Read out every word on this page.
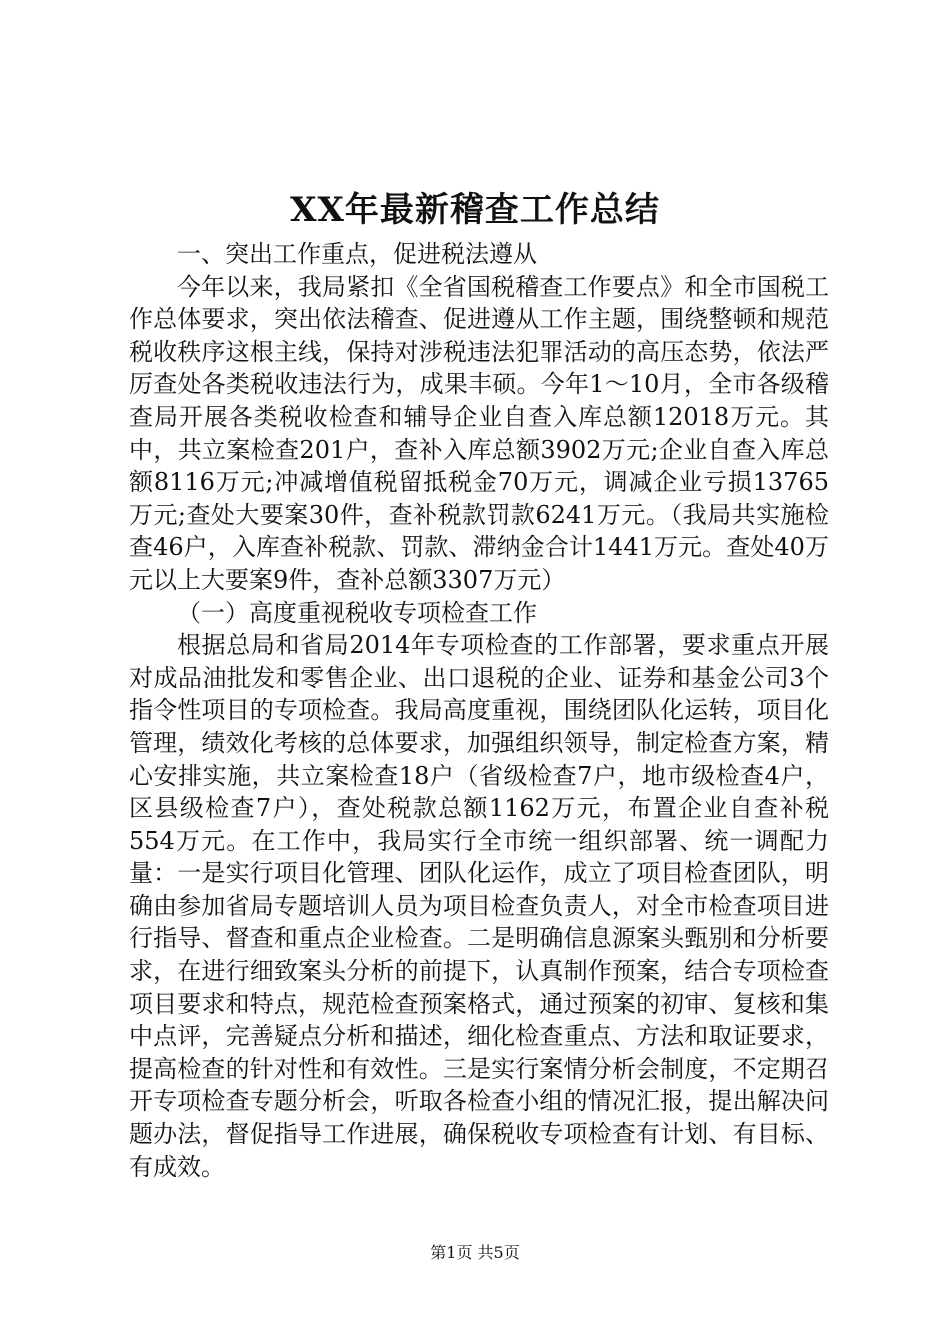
XX年最新稽查工作总结

一、突出工作重点，促进税法遵从

今年以来，我局紧扣《全省国税稽查工作要点》和全市国税工作总体要求，突出依法稽查、促进遵从工作主题，围绕整顿和规范税收秩序这根主线，保持对涉税违法犯罪活动的高压态势，依法严厉查处各类税收违法行为，成果丰硕。今年1～10月，全市各级稽查局开展各类税收检查和辅导企业自查入库总额12018万元。其中，共立案检查201户，查补入库总额3902万元;企业自查入库总额8116万元;冲减增值税留抵税金70万元，调减企业亏损13765万元;查处大要案30件，查补税款罚款6241万元。（我局共实施检查46户，入库查补税款、罚款、滞纳金合计1441万元。查处40万元以上大要案9件，查补总额3307万元）

（一）高度重视税收专项检查工作

根据总局和省局2014年专项检查的工作部署，要求重点开展对成品油批发和零售企业、出口退税的企业、证券和基金公司3个指令性项目的专项检查。我局高度重视，围绕团队化运转，项目化管理，绩效化考核的总体要求，加强组织领导，制定检查方案，精心安排实施，共立案检查18户（省级检查7户，地市级检查4户，区县级检查7户），查处税款总额1162万元，布置企业自查补税554万元。在工作中，我局实行全市统一组织部署、统一调配力量：一是实行项目化管理、团队化运作，成立了项目检查团队，明确由参加省局专题培训人员为项目检查负责人，对全市检查项目进行指导、督查和重点企业检查。二是明确信息源案头甄别和分析要求，在进行细致案头分析的前提下，认真制作预案，结合专项检查项目要求和特点，规范检查预案格式，通过预案的初审、复核和集中点评，完善疑点分析和描述，细化检查重点、方法和取证要求，提高检查的针对性和有效性。三是实行案情分析会制度，不定期召开专项检查专题分析会，听取各检查小组的情况汇报，提出解决问题办法，督促指导工作进展，确保税收专项检查有计划、有目标、有成效。

第1页 共5页
